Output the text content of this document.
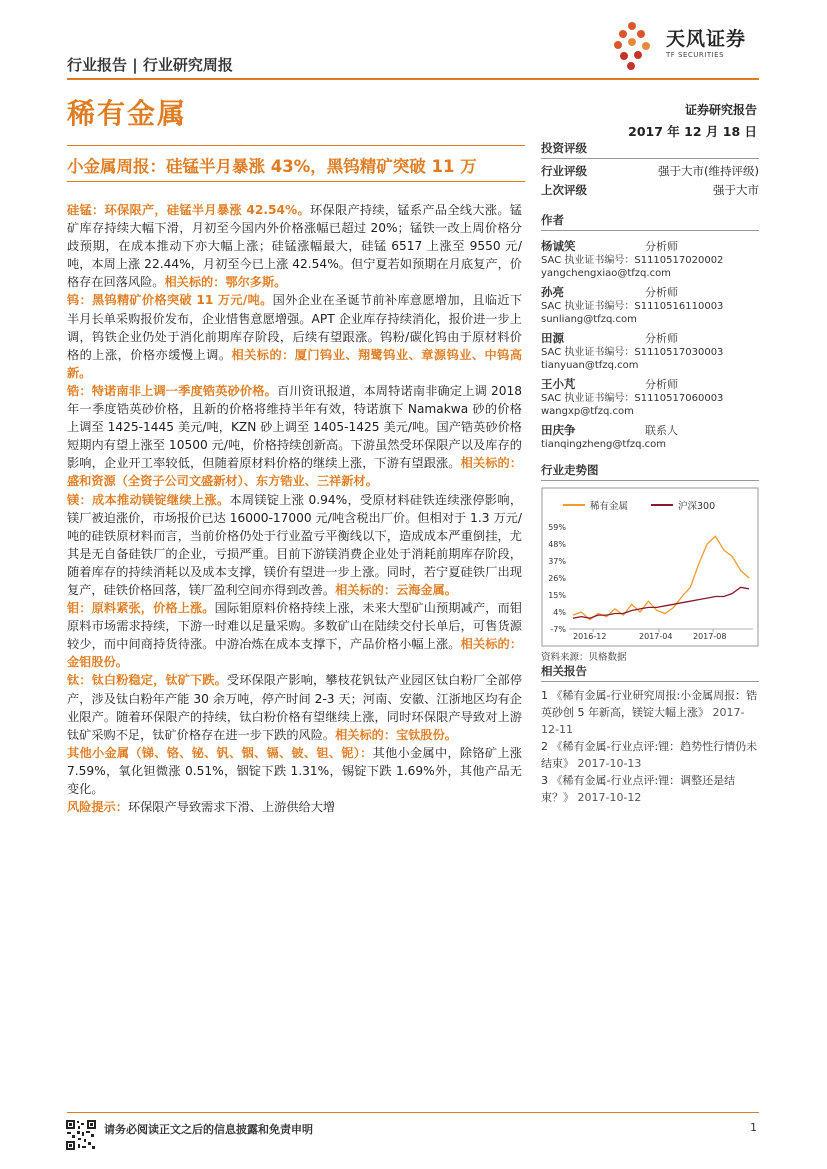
行业报告 | 行业研究周报
天风证券
TF SECURITIES
稀有金属	证券研究报告
2017 年 12 月 18 日
小金属周报：硅锰半月暴涨 43%，黑钨精矿突破 11 万
硅锰：环保限产，硅锰半月暴涨 42.54%。环保限产持续，锰系产品全线大涨。锰矿库存持续大幅下滑，月初至今国内外价格涨幅已超过 20%；锰铁一改上周价格分歧预期，在成本推动下亦大幅上涨；硅锰涨幅最大，硅锰 6517 上涨至 9550 元/吨，本周上涨 22.44%，月初至今已上涨 42.54%。但宁夏若如预期在月底复产，价格存在回落风险。相关标的：鄂尔多斯。
钨：黑钨精矿价格突破 11 万元/吨。国外企业在圣诞节前补库意愿增加，且临近下半月长单采购报价发布，企业惜售意愿增强。APT 企业库存持续消化，报价进一步上调，钨铁企业仍处于消化前期库存阶段，后续有望跟涨。钨粉/碳化钨由于原材料价格的上涨，价格亦缓慢上调。相关标的：厦门钨业、翔鹭钨业、章源钨业、中钨高新。
锆：特诺南非上调一季度锆英砂价格。百川资讯报道，本周特诺南非确定上调 2018 年一季度锆英砂价格，且新的价格将维持半年有效，特诺旗下 Namakwa 砂的价格上调至 1425-1445 美元/吨，KZN 砂上调至 1405-1425 美元/吨。国产锆英砂价格短期内有望上涨至 10500 元/吨，价格持续创新高。下游虽然受环保限产以及库存的影响，企业开工率较低，但随着原材料价格的继续上涨，下游有望跟涨。相关标的：盛和资源（全资子公司文盛新材）、东方锆业、三祥新材。
镁：成本推动镁锭继续上涨。本周镁锭上涨 0.94%，受原材料硅铁连续涨停影响，镁厂被迫涨价，市场报价已达 16000-17000 元/吨含税出厂价。但相对于 1.3 万元/吨的硅铁原材料而言，当前价格仍处于行业盈亏平衡线以下，造成成本严重倒挂，尤其是无自备硅铁厂的企业，亏损严重。目前下游镁消费企业处于消耗前期库存阶段，随着库存的持续消耗以及成本支撑，镁价有望进一步上涨。同时，若宁夏硅铁厂出现复产，硅铁价格回落，镁厂盈利空间亦得到改善。相关标的：云海金属。
钼：原料紧张，价格上涨。国际钼原料价格持续上涨，未来大型矿山预期减产，而钼原料市场需求持续，下游一时难以足量采购。多数矿山在陆续交付长单后，可售货源较少，而中间商持货待涨。中游冶炼在成本支撑下，产品价格小幅上涨。相关标的：金钼股份。
钛：钛白粉稳定，钛矿下跌。受环保限产影响，攀枝花钒钛产业园区钛白粉厂全部停产，涉及钛白粉年产能 30 余万吨，停产时间 2-3 天；河南、安徽、江浙地区均有企业限产。随着环保限产的持续，钛白粉价格有望继续上涨，同时环保限产导致对上游钛矿采购不足，钛矿价格存在进一步下跌的风险。相关标的：宝钛股份。
其他小金属（锑、铬、铋、钒、铟、镉、铍、钽、铌）：其他小金属中，除铬矿上涨 7.59%，氧化钽微涨 0.51%，铟锭下跌 1.31%，锡锭下跌 1.69%外，其他产品无变化。
风险提示：环保限产导致需求下滑、上游供给大增
投资评级
行业评级	强于大市(维持评级)
上次评级	强于大市
作者
杨诚笑	分析师
SAC 执业证书编号：S1110517020002
yangchengxiao@tfzq.com
孙亮	分析师
SAC 执业证书编号：S1110516110003
sunliang@tfzq.com
田源	分析师
SAC 执业证书编号：S1110517030003
tianyuan@tfzq.com
王小芃	分析师
SAC 执业证书编号：S1110517060003
wangxp@tfzq.com
田庆争	联系人
tianqingzheng@tfzq.com
行业走势图
稀有金属	沪深300
59%
48%
37%
26%
15%
4%
-7%
2016-12	2017-04	2017-08
资料来源：贝格数据
相关报告
1 《稀有金属-行业研究周报:小金属周报：锆英砂创 5 年新高，镁锭大幅上涨》 2017-12-11
2 《稀有金属-行业点评:锂：趋势性行情仍未结束》 2017-10-13
3 《稀有金属-行业点评:锂：调整还是结束？》 2017-10-12
请务必阅读正文之后的信息披露和免责申明	1
